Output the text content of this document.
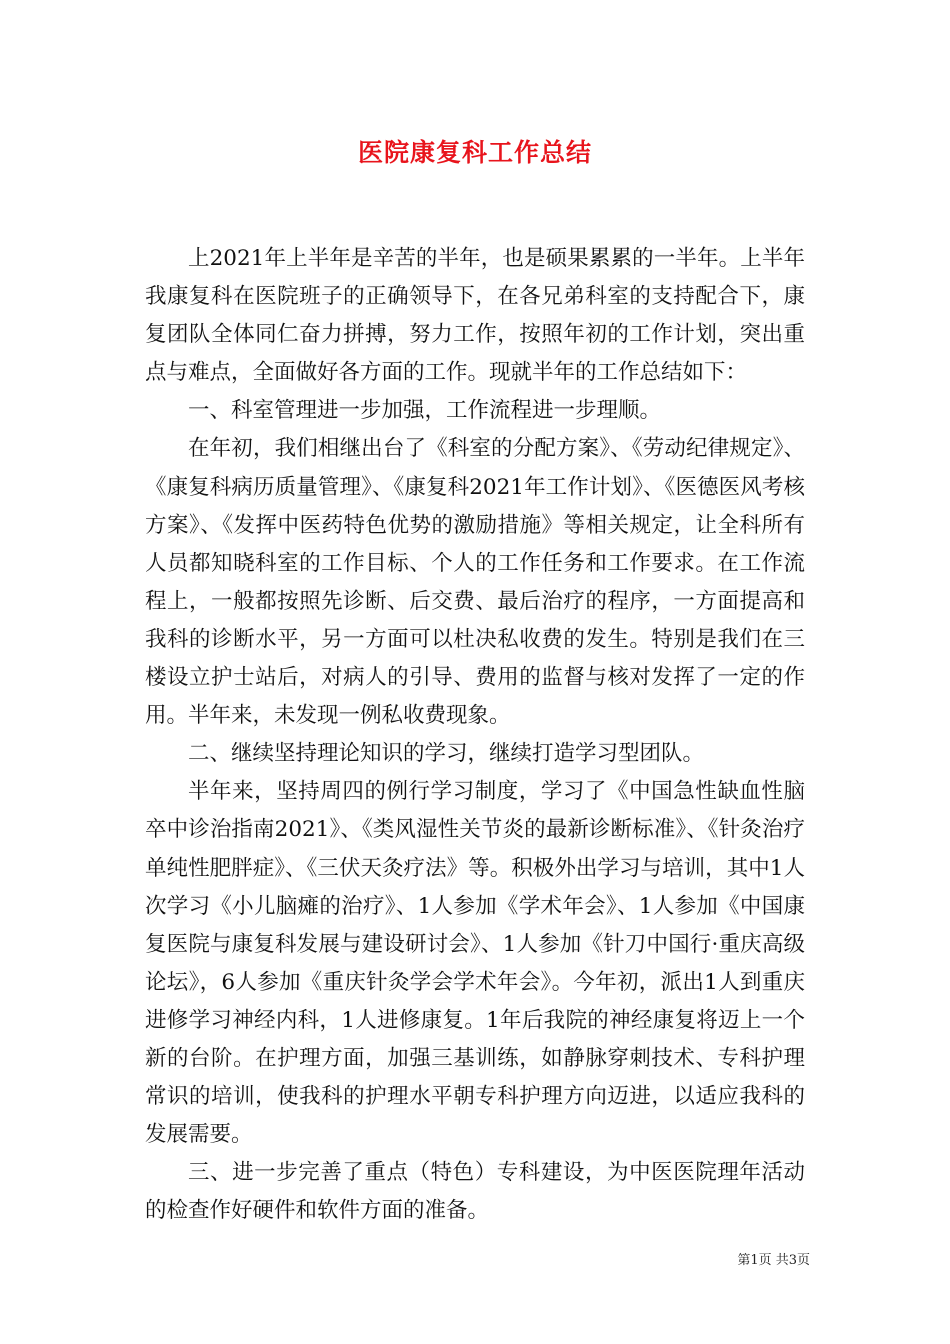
医院康复科工作总结

上2021年上半年是辛苦的半年，也是硕果累累的一半年。上半年我康复科在医院班子的正确领导下，在各兄弟科室的支持配合下，康复团队全体同仁奋力拼搏，努力工作，按照年初的工作计划，突出重点与难点，全面做好各方面的工作。现就半年的工作总结如下：

一、科室管理进一步加强，工作流程进一步理顺。

在年初，我们相继出台了《科室的分配方案》、《劳动纪律规定》、《康复科病历质量管理》、《康复科2021年工作计划》、《医德医风考核方案》、《发挥中医药特色优势的激励措施》等相关规定，让全科所有人员都知晓科室的工作目标、个人的工作任务和工作要求。在工作流程上，一般都按照先诊断、后交费、最后治疗的程序，一方面提高和我科的诊断水平，另一方面可以杜决私收费的发生。特别是我们在三楼设立护士站后，对病人的引导、费用的监督与核对发挥了一定的作用。半年来，未发现一例私收费现象。

二、继续坚持理论知识的学习，继续打造学习型团队。

半年来，坚持周四的例行学习制度，学习了《中国急性缺血性脑卒中诊治指南2021》、《类风湿性关节炎的最新诊断标准》、《针灸治疗单纯性肥胖症》、《三伏天灸疗法》等。积极外出学习与培训，其中1人次学习《小儿脑瘫的治疗》、1人参加《学术年会》、1人参加《中国康复医院与康复科发展与建设研讨会》、1人参加《针刀中国行·重庆高级论坛》，6人参加《重庆针灸学会学术年会》。今年初，派出1人到重庆进修学习神经内科，1人进修康复。1年后我院的神经康复将迈上一个新的台阶。在护理方面，加强三基训练，如静脉穿刺技术、专科护理常识的培训，使我科的护理水平朝专科护理方向迈进，以适应我科的发展需要。

三、进一步完善了重点（特色）专科建设，为中医医院理年活动的检查作好硬件和软件方面的准备。

第1页 共3页
